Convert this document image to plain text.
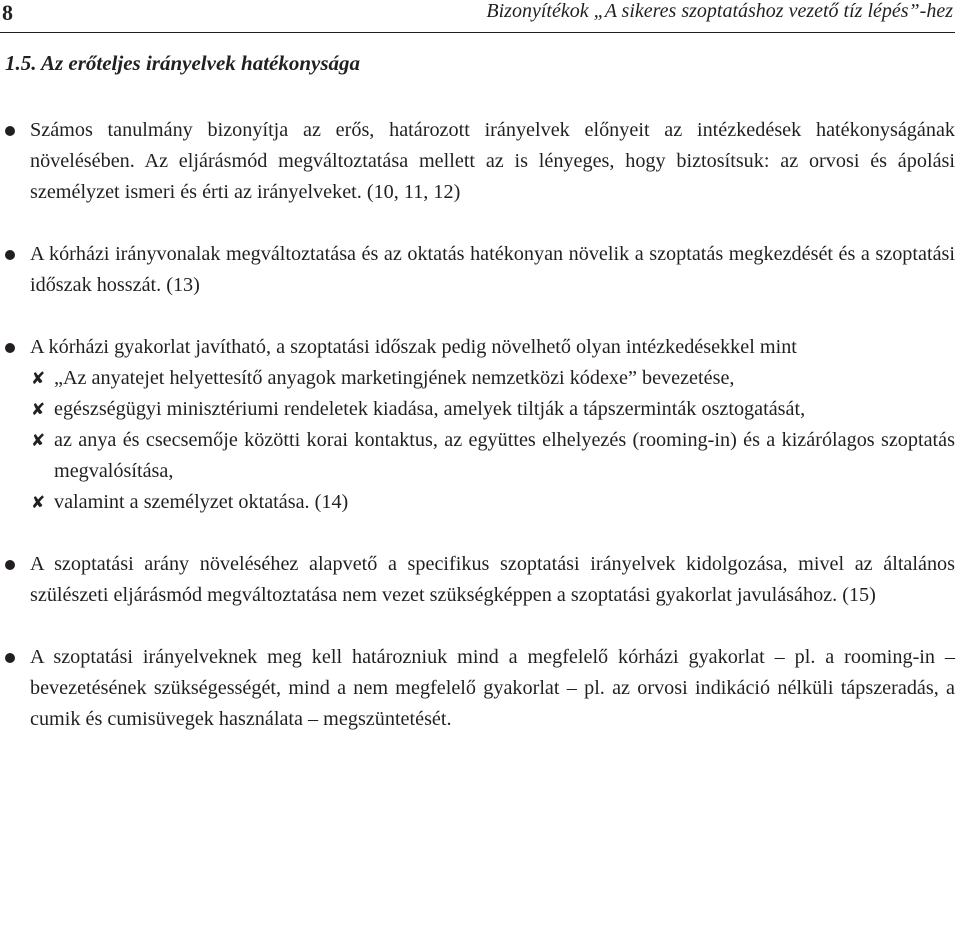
8	Bizonyítékok „A sikeres szoptatáshoz vezető tíz lépés”-hez
1.5. Az erőteljes irányelvek hatékonysága
Számos tanulmány bizonyítja az erős, határozott irányelvek előnyeit az intézkedések hatékonyságának növelésében. Az eljárásmód megváltoztatása mellett az is lényeges, hogy biztosítsuk: az orvosi és ápolási személyzet ismeri és érti az irányelveket. (10, 11, 12)
A kórházi irányvonalak megváltoztatása és az oktatás hatékonyan növelik a szoptatás megkezdését és a szoptatási időszak hosszát. (13)
A kórházi gyakorlat javítható, a szoptatási időszak pedig növelhető olyan intézkedésekkel mint
✘ „Az anyatejet helyettesítő anyagok marketingjének nemzetközi kódexe” bevezetése,
✘ egészségügyi minisztériumi rendeletek kiadása, amelyek tiltják a tápszerminták osztogatását,
✘ az anya és csecsemője közötti korai kontaktus, az együttes elhelyezés (rooming-in) és a kizárólagos szoptatás megvalósítása,
✘ valamint a személyzet oktatása. (14)
A szoptatási arány növeléséhez alapvető a specifikus szoptatási irányelvek kidolgozása, mivel az általános szülészeti eljárásmód megváltoztatása nem vezet szükségképpen a szoptatási gyakorlat javulásához. (15)
A szoptatási irányelveknek meg kell határozniuk mind a megfelelő kórházi gyakorlat – pl. a rooming-in – bevezetésének szükségességét, mind a nem megfelelő gyakorlat – pl. az orvosi indikáció nélküli tápszeradás, a cumik és cumisüvegek használata – megszüntetését.
